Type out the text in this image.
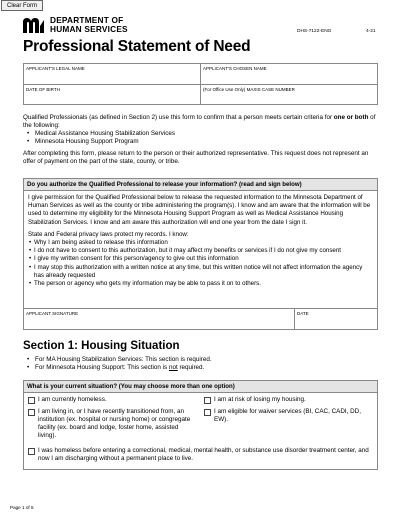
Clear Form
DEPARTMENT OF
HUMAN SERVICES	DHS-7122-ENG	4-21
Professional Statement of Need
APPLICANT'S LEGAL NAME	APPLICANT'S CHOSEN NAME
DATE OF BIRTH	(For Office Use Only) MAXIS CASE NUMBER
Qualified Professionals (as defined in Section 2) use this form to confirm that a person meets certain criteria for one or both of the following:
• Medical Assistance Housing Stabilization Services
• Minnesota Housing Support Program
After completing this form, please return to the person or their authorized representative. This request does not represent an offer of payment on the part of the state, county, or tribe.
Do you authorize the Qualified Professional to release your information? (read and sign below)

I give permission for the Qualified Professional below to release the requested information to the Minnesota Department of Human Services as well as the county or tribe administering the program(s). I know and am aware that the information will be used to determine my eligibility for the Minnesota Housing Support Program as well as Medical Assistance Housing Stabilization Services. I know and am aware this authorization will end one year from the date I sign it.

State and Federal privacy laws protect my records. I know:

• Why I am being asked to release this information
• I do not have to consent to this authorization, but it may affect my benefits or services if I do not give my consent
• I give my written consent for this person/agency to give out this information
• I may stop this authorization with a written notice at any time, but this written notice will not affect information the agency has already requested
• The person or agency who gets my information may be able to pass it on to others.
APPLICANT SIGNATURE	DATE
Section 1: Housing Situation
• For MA Housing Stabilization Services: This section is required.
• For Minnesota Housing Support: This section is not required.
What is your current situation? (You may choose more than one option)
I am currently homeless.	I am at risk of losing my housing.
I am living in, or I have recently transitioned from, an institution (ex. hospital or nursing home) or congregate facility (ex. board and lodge, foster home, assisted living).
I am eligible for waiver services (BI, CAC, CADI, DD, EW).
I was homeless before entering a correctional, medical, mental health, or substance use disorder treatment center, and now I am discharging without a permanent place to live.
Page 1 of 5
